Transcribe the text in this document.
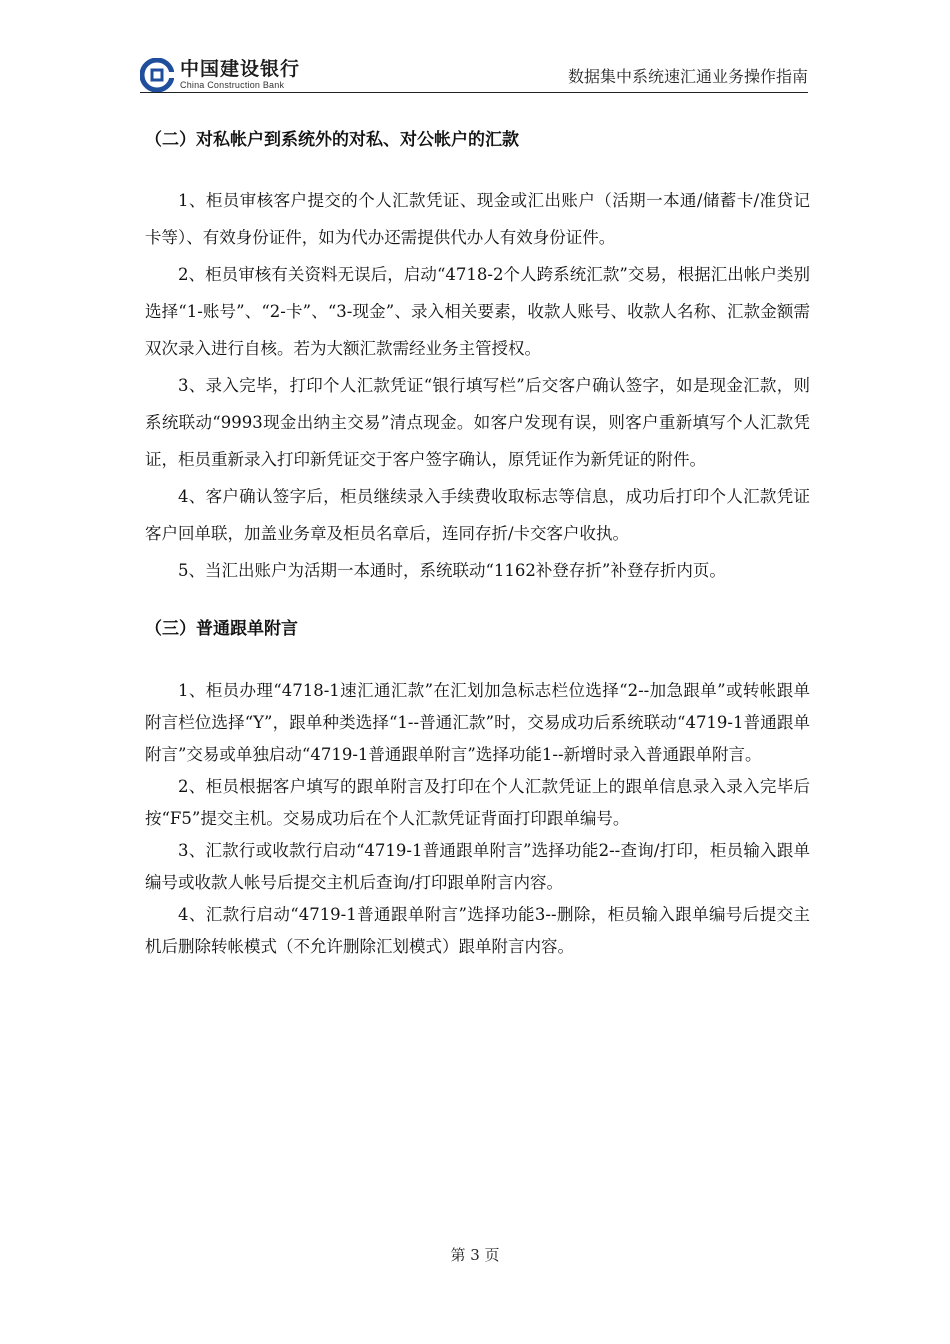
中国建设银行
China Construction Bank	数据集中系统速汇通业务操作指南
（二）对私帐户到系统外的对私、对公帐户的汇款

1、柜员审核客户提交的个人汇款凭证、现金或汇出账户（活期一本通/储蓄卡/准贷记卡等）、有效身份证件，如为代办还需提供代办人有效身份证件。

2、柜员审核有关资料无误后，启动“4718-2个人跨系统汇款”交易，根据汇出帐户类别选择“1-账号”、“2-卡”、“3-现金”、录入相关要素，收款人账号、收款人名称、汇款金额需双次录入进行自核。若为大额汇款需经业务主管授权。

3、录入完毕，打印个人汇款凭证“银行填写栏”后交客户确认签字，如是现金汇款，则系统联动“9993现金出纳主交易”清点现金。如客户发现有误，则客户重新填写个人汇款凭证，柜员重新录入打印新凭证交于客户签字确认，原凭证作为新凭证的附件。

4、客户确认签字后，柜员继续录入手续费收取标志等信息，成功后打印个人汇款凭证客户回单联，加盖业务章及柜员名章后，连同存折/卡交客户收执。

5、当汇出账户为活期一本通时，系统联动“1162补登存折”补登存折内页。

（三）普通跟单附言

1、柜员办理“4718-1速汇通汇款”在汇划加急标志栏位选择“2--加急跟单”或转帐跟单附言栏位选择“Y”，跟单种类选择“1--普通汇款”时，交易成功后系统联动“4719-1普通跟单附言”交易或单独启动“4719-1普通跟单附言”选择功能1--新增时录入普通跟单附言。

2、柜员根据客户填写的跟单附言及打印在个人汇款凭证上的跟单信息录入录入完毕后按“F5”提交主机。交易成功后在个人汇款凭证背面打印跟单编号。

3、汇款行或收款行启动“4719-1普通跟单附言”选择功能2--查询/打印，柜员输入跟单编号或收款人帐号后提交主机后查询/打印跟单附言内容。

4、汇款行启动“4719-1普通跟单附言”选择功能3--删除，柜员输入跟单编号后提交主机后删除转帐模式（不允许删除汇划模式）跟单附言内容。

第 3 页
